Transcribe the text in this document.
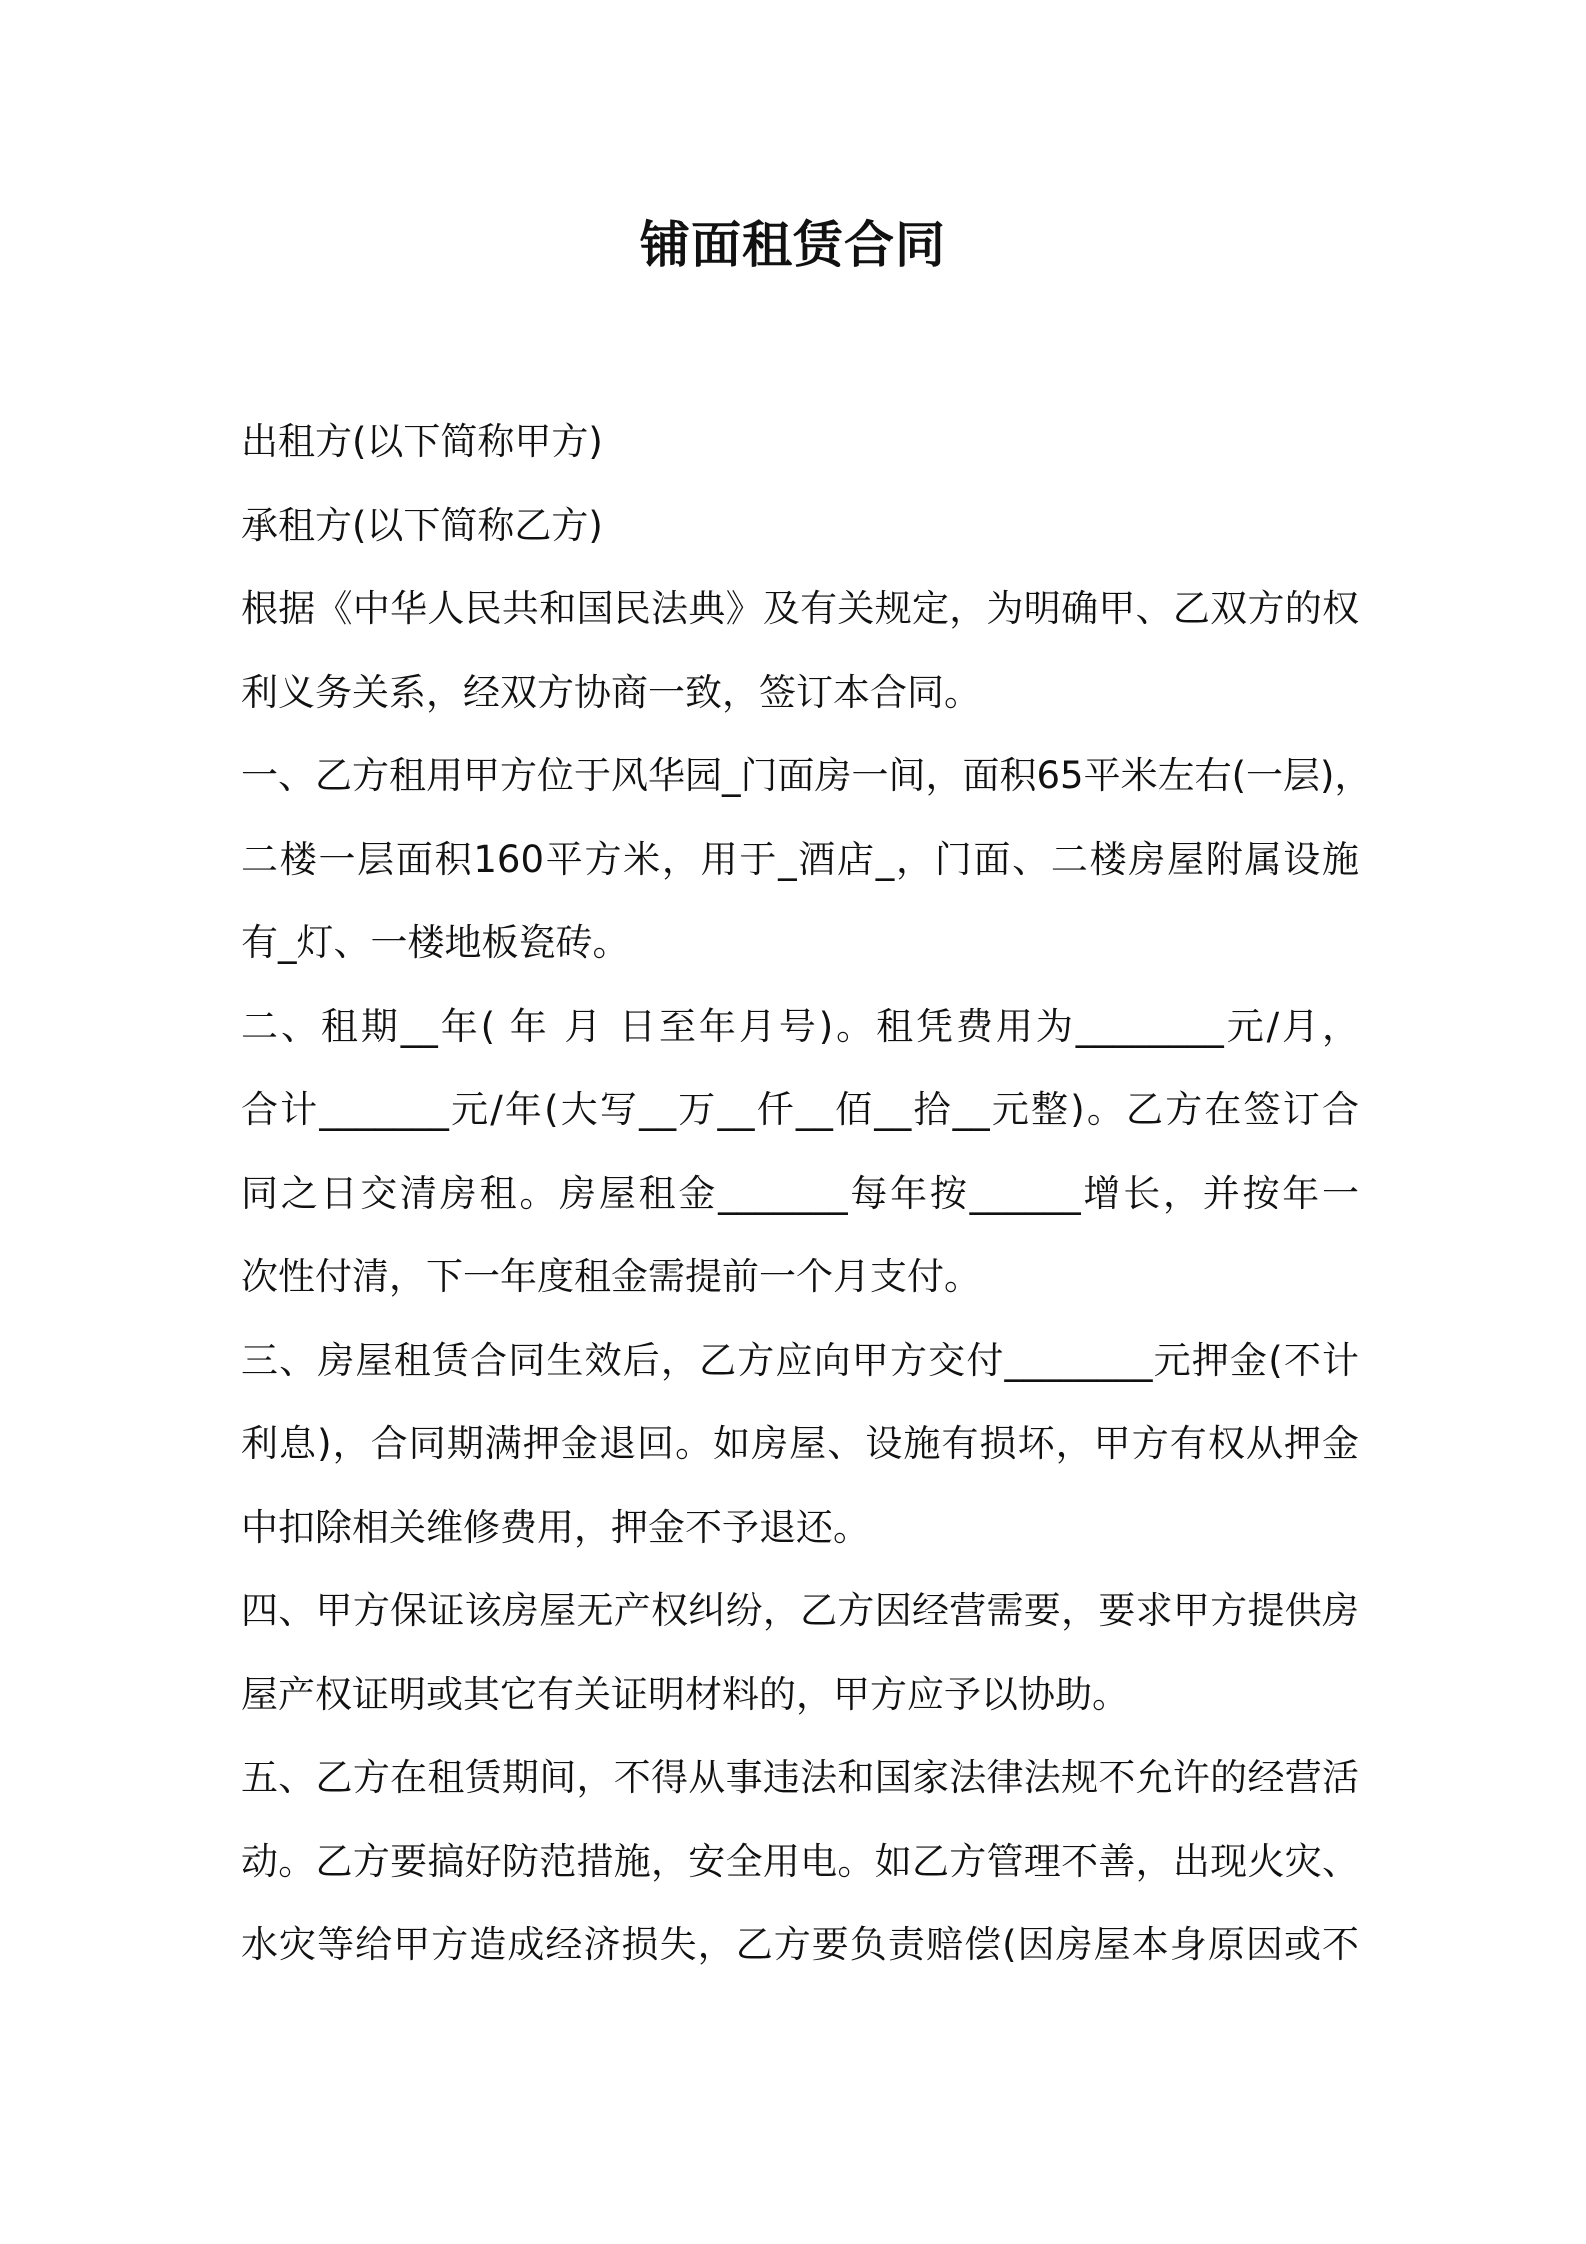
铺面租赁合同
出租方(以下简称甲方)
承租方(以下简称乙方)
根据《中华人民共和国民法典》及有关规定，为明确甲、乙双方的权
利义务关系，经双方协商一致，签订本合同。
一、乙方租用甲方位于风华园_门面房一间，面积65平米左右(一层)，
二楼一层面积160平方米，用于_酒店_，门面、二楼房屋附属设施
有_灯、一楼地板瓷砖。
二、租期__年( 年 月 日至年月号)。租凭费用为________元/月，
合计_______元/年(大写__万__仟__佰__拾__元整)。乙方在签订合
同之日交清房租。房屋租金_______每年按______增长，并按年一
次性付清，下一年度租金需提前一个月支付。
三、房屋租赁合同生效后，乙方应向甲方交付________元押金(不计
利息)，合同期满押金退回。如房屋、设施有损坏，甲方有权从押金
中扣除相关维修费用，押金不予退还。
四、甲方保证该房屋无产权纠纷，乙方因经营需要，要求甲方提供房
屋产权证明或其它有关证明材料的，甲方应予以协助。
五、乙方在租赁期间，不得从事违法和国家法律法规不允许的经营活
动。乙方要搞好防范措施，安全用电。如乙方管理不善，出现火灾、
水灾等给甲方造成经济损失，乙方要负责赔偿(因房屋本身原因或不
